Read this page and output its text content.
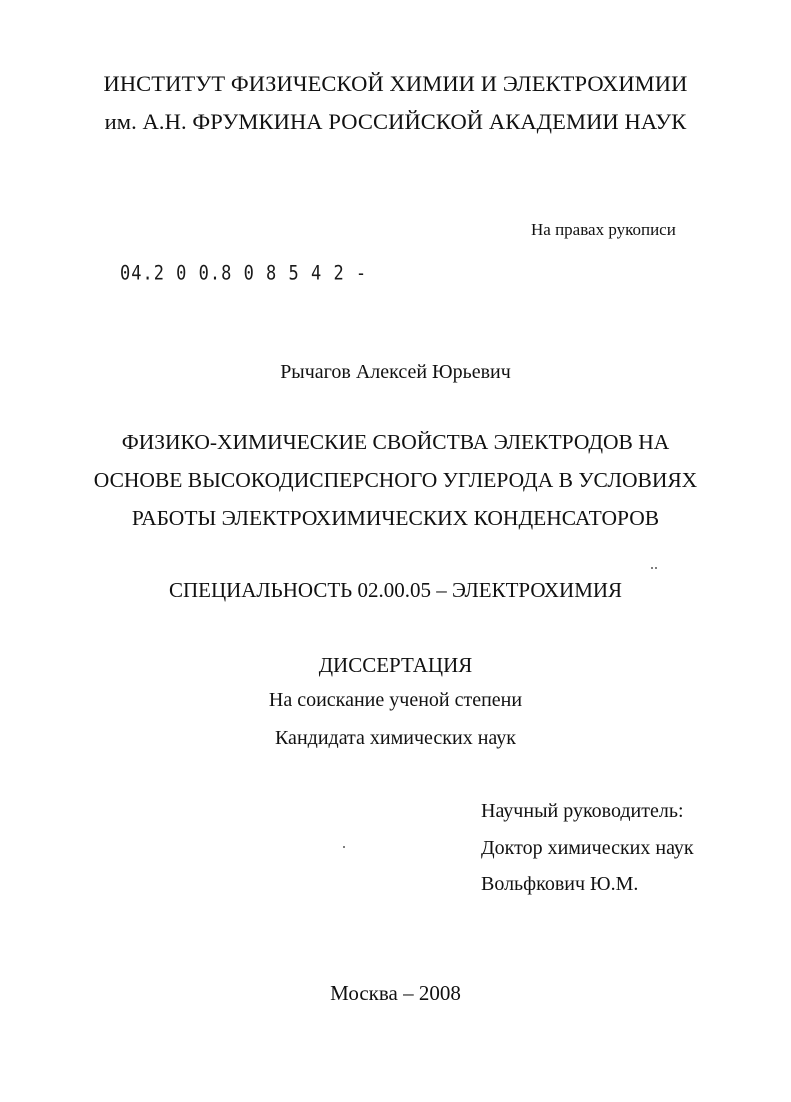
ИНСТИТУТ ФИЗИЧЕСКОЙ ХИМИИ И ЭЛЕКТРОХИМИИ
им. А.Н. ФРУМКИНА РОССИЙСКОЙ АКАДЕМИИ НАУК
На правах рукописи
04.2 0 0.8 0 8 5 4 2 -
Рычагов Алексей Юрьевич
ФИЗИКО-ХИМИЧЕСКИЕ СВОЙСТВА ЭЛЕКТРОДОВ НА
ОСНОВЕ ВЫСОКОДИСПЕРСНОГО УГЛЕРОДА В УСЛОВИЯХ
РАБОТЫ ЭЛЕКТРОХИМИЧЕСКИХ КОНДЕНСАТОРОВ
СПЕЦИАЛЬНОСТЬ 02.00.05 – ЭЛЕКТРОХИМИЯ
ДИССЕРТАЦИЯ
На соискание ученой степени
Кандидата химических наук
Научный руководитель:
Доктор химических наук
Вольфкович Ю.М.
Москва – 2008
